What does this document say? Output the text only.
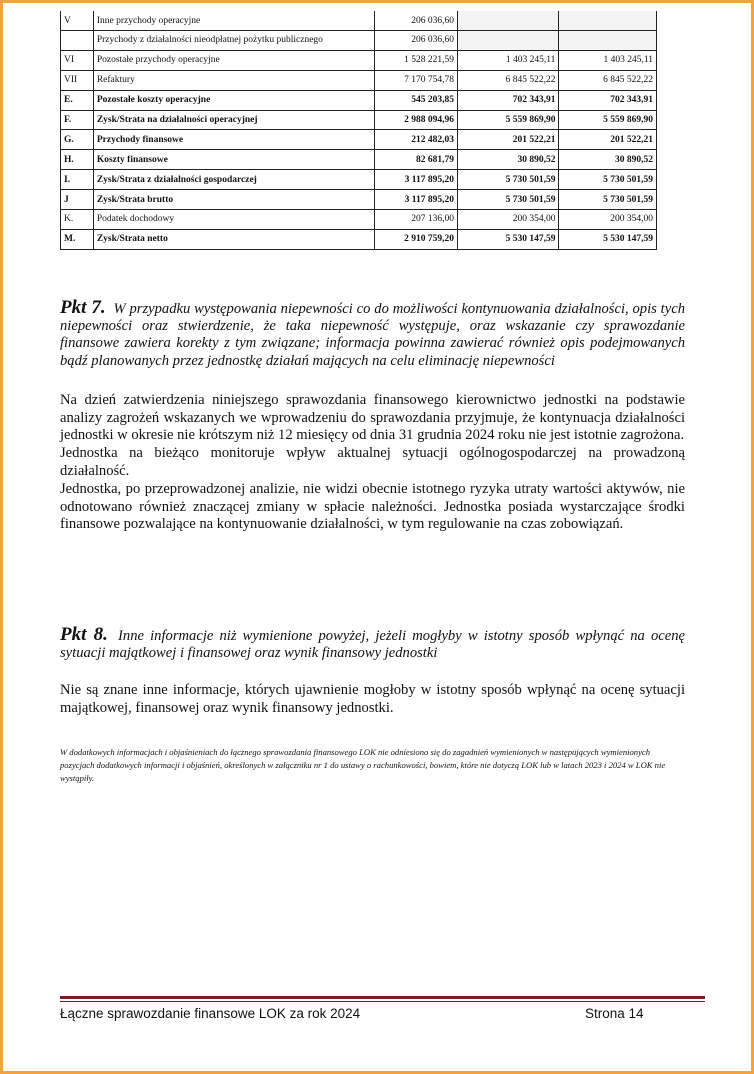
V	Inne przychody operacyjne	206 036,60		
	Przychody z działalności nieodpłatnej pożytku publicznego	206 036,60		
VI	Pozostałe przychody operacyjne	1 528 221,59	1 403 245,11	1 403 245,11
VII	Refaktury	7 170 754,78	6 845 522,22	6 845 522,22
E.	Pozostałe koszty operacyjne	545 203,85	702 343,91	702 343,91
F.	Zysk/Strata na działalności operacyjnej	2 988 094,96	5 559 869,90	5 559 869,90
G.	Przychody finansowe	212 482,03	201 522,21	201 522,21
H.	Koszty finansowe	82 681,79	30 890,52	30 890,52
I.	Zysk/Strata z działalności gospodarczej	3 117 895,20	5 730 501,59	5 730 501,59
J	Zysk/Strata brutto	3 117 895,20	5 730 501,59	5 730 501,59
K.	Podatek dochodowy	207 136,00	200 354,00	200 354,00
M.	Zysk/Strata netto	2 910 759,20	5 530 147,59	5 530 147,59
Pkt 7. W przypadku występowania niepewności co do możliwości kontynuowania działalności, opis tych niepewności oraz stwierdzenie, że taka niepewność występuje, oraz wskazanie czy sprawozdanie finansowe zawiera korekty z tym związane; informacja powinna zawierać również opis podejmowanych bądź planowanych przez jednostkę działań mających na celu eliminację niepewności

Na dzień zatwierdzenia niniejszego sprawozdania finansowego kierownictwo jednostki na podstawie analizy zagrożeń wskazanych we wprowadzeniu do sprawozdania przyjmuje, że kontynuacja działalności jednostki w okresie nie krótszym niż 12 miesięcy od dnia 31 grudnia 2024 roku nie jest istotnie zagrożona.

Jednostka na bieżąco monitoruje wpływ aktualnej sytuacji ogólnogospodarczej na prowadzoną działalność.

Jednostka, po przeprowadzonej analizie, nie widzi obecnie istotnego ryzyka utraty wartości aktywów, nie odnotowano również znaczącej zmiany w spłacie należności. Jednostka posiada wystarczające środki finansowe pozwalające na kontynuowanie działalności, w tym regulowanie na czas zobowiązań.

Pkt 8. Inne informacje niż wymienione powyżej, jeżeli mogłyby w istotny sposób wpłynąć na ocenę sytuacji majątkowej i finansowej oraz wynik finansowy jednostki

Nie są znane inne informacje, których ujawnienie mogłoby w istotny sposób wpłynąć na ocenę sytuacji majątkowej, finansowej oraz wynik finansowy jednostki.

W dodatkowych informacjach i objaśnieniach do łącznego sprawozdania finansowego LOK nie odniesiono się do zagadnień wymienionych w następujących wymienionych pozycjach dodatkowych informacji i objaśnień, określonych w załączniku nr 1 do ustawy o rachunkowości, bowiem, które nie dotyczą LOK lub w latach 2023 i 2024 w LOK nie wystąpiły.
Łączne sprawozdanie finansowe LOK za rok 2024	Strona 14
